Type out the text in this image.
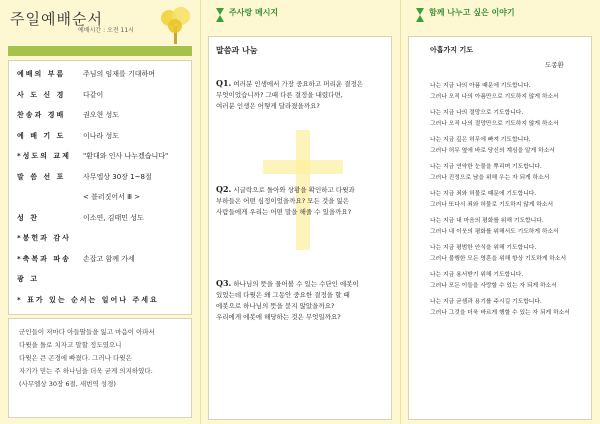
주일예배순서
예배시간 : 오전 11시
예배의 부름	주님의 임재를 기대하며
사 도 신 경	다같이
찬송과 경배	권오현 성도
예 배 기 도	이나라 성도
*성도의 교제 "환대와 인사 나누겠습니다"
말 씀 선 포	사무엘상 30장 1~8절
< 블러짓어서 Ⅲ >
성 찬	이소연, 김태민 성도
*봉헌과 감사
*축복과 파송 손잡고 함께 가세
광 고
* 표가 있는 순서는 일어나 주세요

군인들이 저마다 아들딸들을 잃고 마음이 아파서

다윗을 돌로 치자고 말할 정도였으니

다윗은 큰 곤경에 빠졌다. 그러나 다윗은

자기가 믿는 주 하나님을 더욱 굳게 의지하였다.

(사무엘상 30장 6절, 새번역 성경)

주사랑 메시지
말씀과 나눔
Q1. 여러분 인생에서 가장 중요하고 머리운 결정은
무엇이었습니까? 그때 다른 결정을 내렸다면,
여러분 인생은 어떻게 달라졌을까요?
Q2. 시글락으로 돌아와 상황을 확인하고 다윗과
부하들은 어떤 심정이었을까요? 모든 것을 잃은
사람들에게 우리는 어떤 말을 해줄 수 있을까요?
Q3. 하나님의 뜻을 물어볼 수 있는 수단인 에봇이
있었는데 다윗은 왜 그동안 중요한 결정을 할 때
에봇으로 하나님의 뜻을 묻지 않았을까요?
우리에게 에봇에 해당하는 것은 무엇일까요?
함께 나누고 싶은 이야기
아홉가지 기도
도종환
나는 지금 나의 아픔 때문에 기도합니다.
그러나 오직 나의 아픔만으로 기도하지 않게 하소서
나는 지금 나의 절망으로 기도합니다.
그러나 오직 나의 절망만으로 기도하지 않게 하소서
나는 지금 깊은 허무에 빠져 기도합니다.
그러나 허무 옆에 바로 당신의 계심을 알게 하소서
나는 지금 연약한 눈물을 뿌리며 기도합니다.
그러나 진정으로 남을 위해 우는 자 되게 하소서
나는 지금 죄와 허물로 때문에 기도합니다.
그러나 또다시 죄와 허물로 기도하지 않게 하소서
나는 지금 내 마음의 평화를 위해 기도합니다.
그러나 내 이웃의 평화를 위해서도 기도하게 하소서
나는 지금 평범한 안식을 위해 기도합니다.
그러나 불행한 모든 영혼을 위해 항상 기도하게 하소서
나는 지금 용서받기 위해 기도합니다.
그러나 모든 이들을 사랑할 수 있는 자 되게 하소서
나는 지금 굳셈과 용기를 주시길 기도합니다.
그러나 그것을 더욱 바르게 행할 수 있는 자 되게 하소서
